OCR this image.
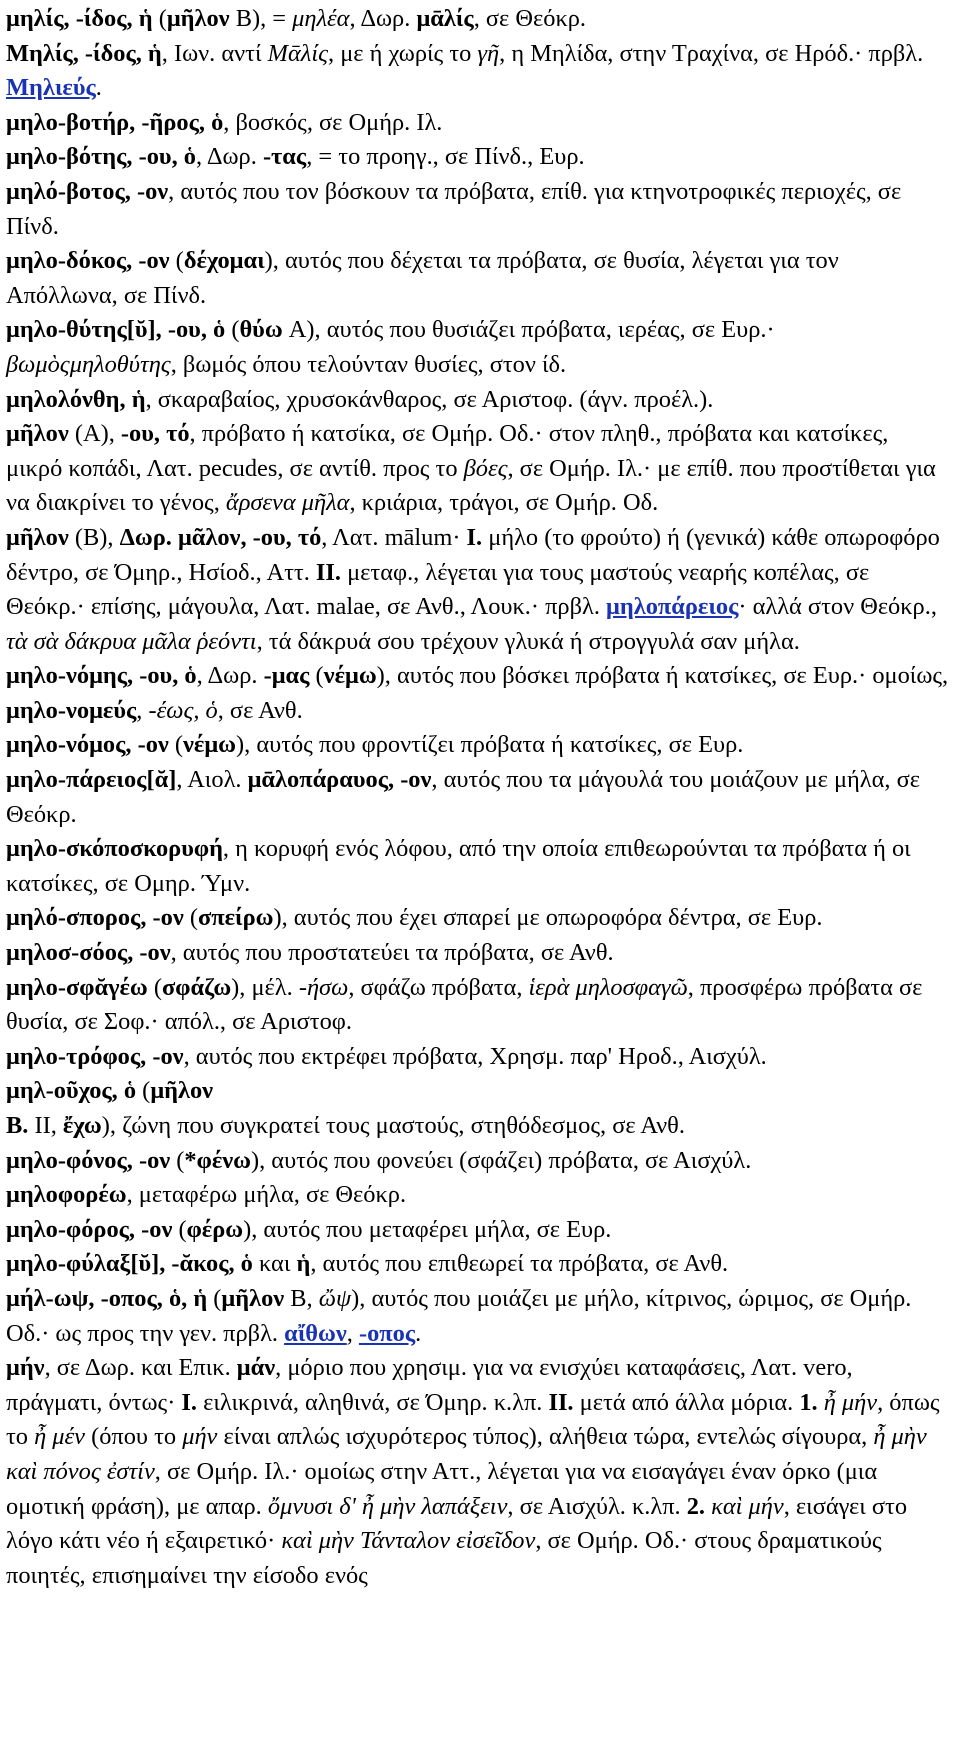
μηλίς, -ίδος, ἡ (μῆλον B), = μηλέα, Δωρ. μᾱλίς, σε Θεόκρ.

Μηλίς, -ίδος, ἡ, Ιων. αντί Μᾱλίς, με ή χωρίς το γῆ, η Μηλίδα, στην Τραχίνα, σε Ηρόδ.· πρβλ. Μηλιεύς.

μηλο-βοτήρ, -ῆρος, ὁ, βοσκός, σε Ομήρ. Ιλ.

μηλο-βότης, -ου, ὁ, Δωρ. -τας, = το προηγ., σε Πίνδ., Ευρ.

μηλό-βοτος, -ον, αυτός που τον βόσκουν τα πρόβατα, επίθ. για κτηνοτροφικές περιοχές, σε Πίνδ.

μηλο-δόκος, -ον (δέχομαι), αυτός που δέχεται τα πρόβατα, σε θυσία, λέγεται για τον Απόλλωνα, σε Πίνδ.

μηλο-θύτης[ῠ], -ου, ὁ (θύω A), αυτός που θυσιάζει πρόβατα, ιερέας, σε Ευρ.· βωμὸςμηλοθύτης, βωμός όπου τελούνταν θυσίες, στον ίδ.

μηλολόνθη, ἡ, σκαραβαίος, χρυσοκάνθαρος, σε Αριστοφ. (άγν. προέλ.).

μῆλον (A), -ου, τό, πρόβατο ή κατσίκα, σε Ομήρ. Οδ.· στον πληθ., πρόβατα και κατσίκες, μικρό κοπάδι, Λατ. pecudes, σε αντίθ. προς το βόες, σε Ομήρ. Ιλ.· με επίθ. που προστίθεται για να διακρίνει το γένος, ἄρσενα μῆλα, κριάρια, τράγοι, σε Ομήρ. Οδ.

μῆλον (B), Δωρ. μᾶλον, -ου, τό, Λατ. mālum· I. μήλο (το φρούτο) ή (γενικά) κάθε οπωροφόρο δέντρο, σε Όμηρ., Ησίοδ., Αττ. II. μεταφ., λέγεται για τους μαστούς νεαρής κοπέλας, σε Θεόκρ.· επίσης, μάγουλα, Λατ. malae, σε Ανθ., Λουκ.· πρβλ. μηλοπάρειος· αλλά στον Θεόκρ., τὰ σὰ δάκρυα μᾶλα ῥεόντι, τά δάκρυά σου τρέχουν γλυκά ή στρογγυλά σαν μήλα.

μηλο-νόμης, -ου, ὁ, Δωρ. -μας (νέμω), αυτός που βόσκει πρόβατα ή κατσίκες, σε Ευρ.· ομοίως, μηλο-νομεύς, -έως, ὁ, σε Ανθ.

μηλο-νόμος, -ον (νέμω), αυτός που φροντίζει πρόβατα ή κατσίκες, σε Ευρ.

μηλο-πάρειος[ᾰ], Αιολ. μᾱλοπάραυος, -ον, αυτός που τα μάγουλά του μοιάζουν με μήλα, σε Θεόκρ.

μηλο-σκόποσκορυφή, η κορυφή ενός λόφου, από την οποία επιθεωρούνται τα πρόβατα ή οι κατσίκες, σε Ομηρ. Ύμν.

μηλό-σπορος, -ον (σπείρω), αυτός που έχει σπαρεί με οπωροφόρα δέντρα, σε Ευρ.

μηλοσ-σόος, -ον, αυτός που προστατεύει τα πρόβατα, σε Ανθ.

μηλο-σφᾰγέω (σφάζω), μέλ. -ήσω, σφάζω πρόβατα, ἱερὰ μηλοσφαγῶ, προσφέρω πρόβατα σε θυσία, σε Σοφ.· απόλ., σε Αριστοφ.

μηλο-τρόφος, -ον, αυτός που εκτρέφει πρόβατα, Χρησμ. παρ' Ηροδ., Αισχύλ.

μηλ-οῦχος, ὁ (μῆλον
B. II, ἔχω), ζώνη που συγκρατεί τους μαστούς, στηθόδεσμος, σε Ανθ.

μηλο-φόνος, -ον (*φένω), αυτός που φονεύει (σφάζει) πρόβατα, σε Αισχύλ.

μηλοφορέω, μεταφέρω μήλα, σε Θεόκρ.

μηλο-φόρος, -ον (φέρω), αυτός που μεταφέρει μήλα, σε Ευρ.

μηλο-φύλαξ[ῠ], -ᾰκος, ὁ και ἡ, αυτός που επιθεωρεί τα πρόβατα, σε Ανθ.

μήλ-ωψ, -οπος, ὁ, ἡ (μῆλον B, ὤψ), αυτός που μοιάζει με μήλο, κίτρινος, ώριμος, σε Ομήρ. Οδ.· ως προς την γεν. πρβλ. αἴθων, -οπος.

μήν, σε Δωρ. και Επικ. μάν, μόριο που χρησιμ. για να ενισχύει καταφάσεις, Λατ. vero, πράγματι, όντως· I. ειλικρινά, αληθινά, σε Όμηρ. κ.λπ. II. μετά από άλλα μόρια. 1. ἦ μήν, όπως το ἦ μέν (όπου το μήν είναι απλώς ισχυρότερος τύπος), αλήθεια τώρα, εντελώς σίγουρα, ἦ μὴν καὶ πόνος ἐστίν, σε Ομήρ. Ιλ.· ομοίως στην Αττ., λέγεται για να εισαγάγει έναν όρκο (μια ομοτική φράση), με απαρ. ὄμνυσι δ' ἦ μὴν λαπάξειν, σε Αισχύλ. κ.λπ. 2. καὶ μήν, εισάγει στο λόγο κάτι νέο ή εξαιρετικό· καὶ μὴν Τάνταλον εἰσεῖδον, σε Ομήρ. Οδ.· στους δραματικούς ποιητές, επισημαίνει την είσοδο ενός
